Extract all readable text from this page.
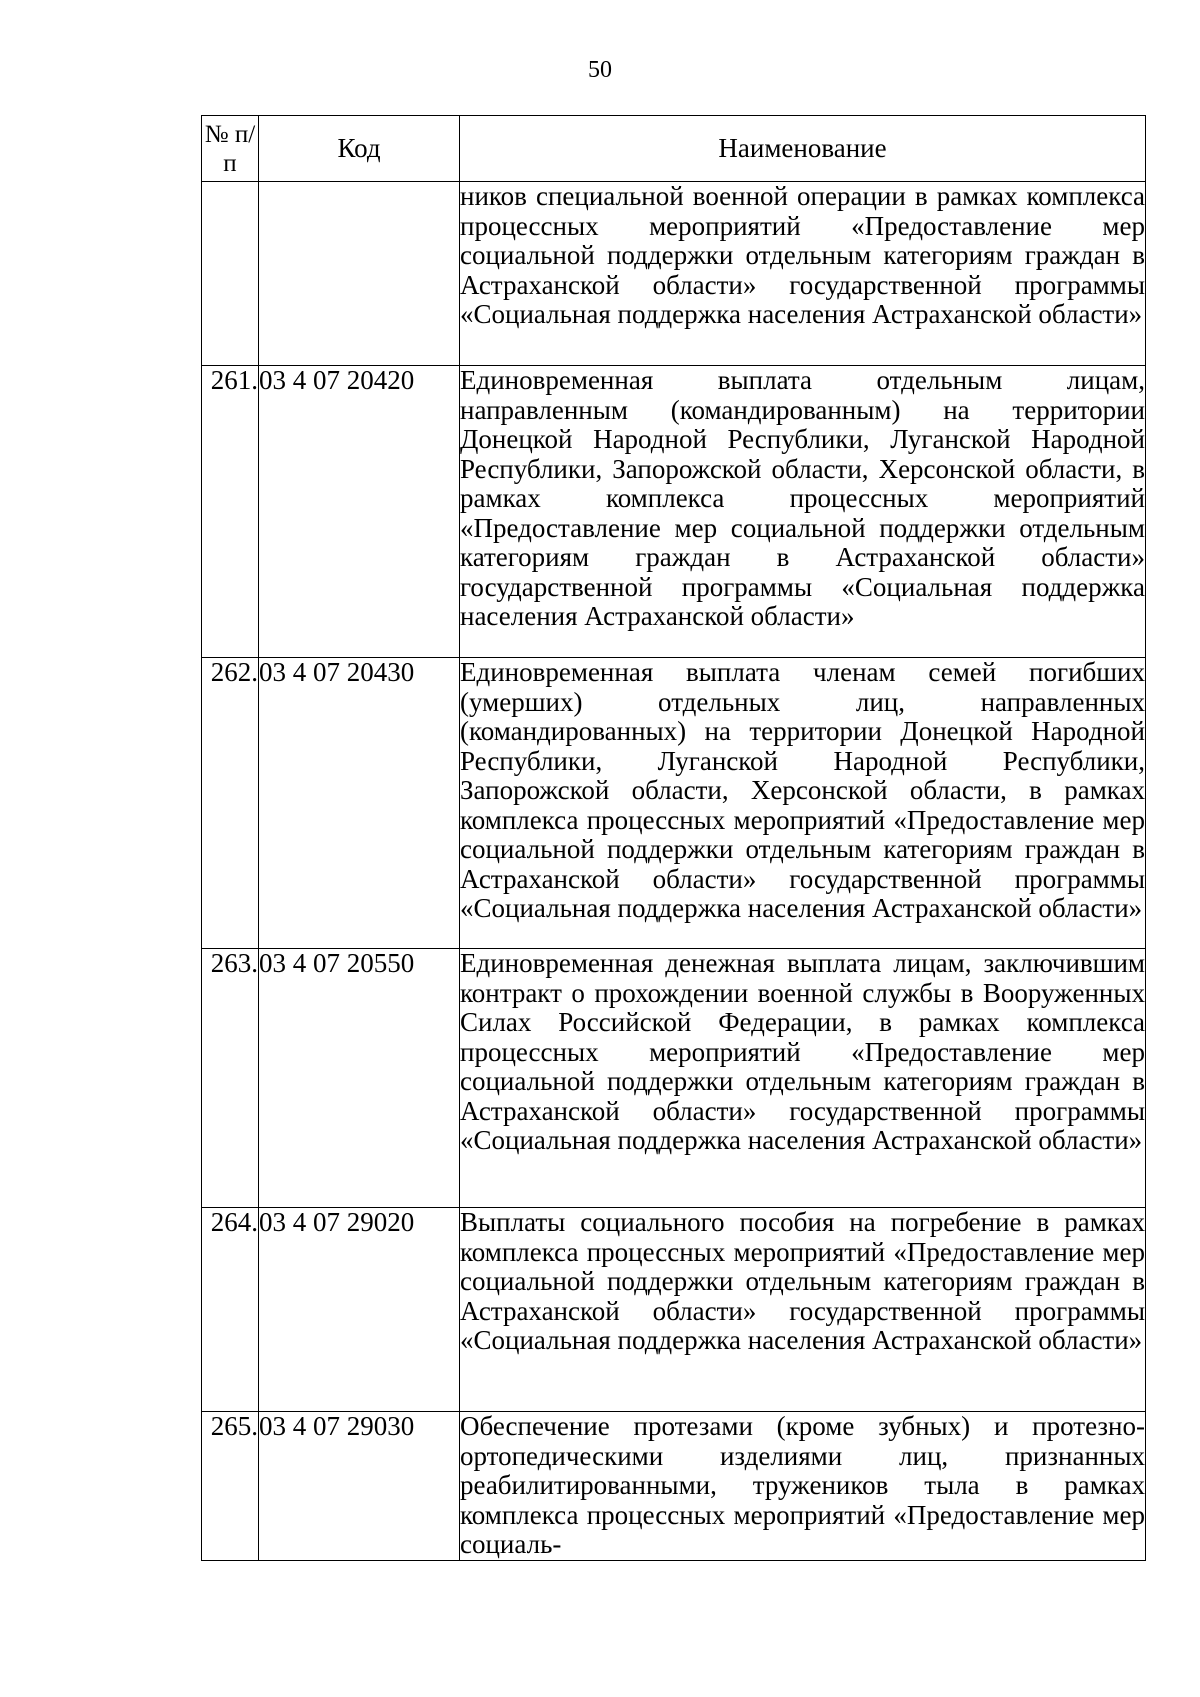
50
№ п/п	Код	Наименование
		ников специальной военной операции в рамках комплекса процессных мероприятий «Предоставление мер социальной поддержки отдельным категориям граждан в Астраханской области» государственной программы «Социальная поддержка населения Астраханской области»
261.	03 4 07 20420	Единовременная выплата отдельным лицам, направленным (командированным) на территории Донецкой Народной Республики, Луганской Народной Республики, Запорожской области, Херсонской области, в рамках комплекса процессных мероприятий «Предоставление мер социальной поддержки отдельным категориям граждан в Астраханской области» государственной программы «Социальная поддержка населения Астраханской области»
262.	03 4 07 20430	Единовременная выплата членам семей погибших (умерших) отдельных лиц, направленных (командированных) на территории Донецкой Народной Республики, Луганской Народной Республики, Запорожской области, Херсонской области, в рамках комплекса процессных мероприятий «Предоставление мер социальной поддержки отдельным категориям граждан в Астраханской области» государственной программы «Социальная поддержка населения Астраханской области»
263.	03 4 07 20550	Единовременная денежная выплата лицам, заключившим контракт о прохождении военной службы в Вооруженных Силах Российской Федерации, в рамках комплекса процессных мероприятий «Предоставление мер социальной поддержки отдельным категориям граждан в Астраханской области» государственной программы «Социальная поддержка населения Астраханской области»
264.	03 4 07 29020	Выплаты социального пособия на погребение в рамках комплекса процессных мероприятий «Предоставление мер социальной поддержки отдельным категориям граждан в Астраханской области» государственной программы «Социальная поддержка населения Астраханской области»
265.	03 4 07 29030	Обеспечение протезами (кроме зубных) и протезно-ортопедическими изделиями лиц, признанных реабилитированными, тружеников тыла в рамках комплекса процессных мероприятий «Предоставление мер социаль-
